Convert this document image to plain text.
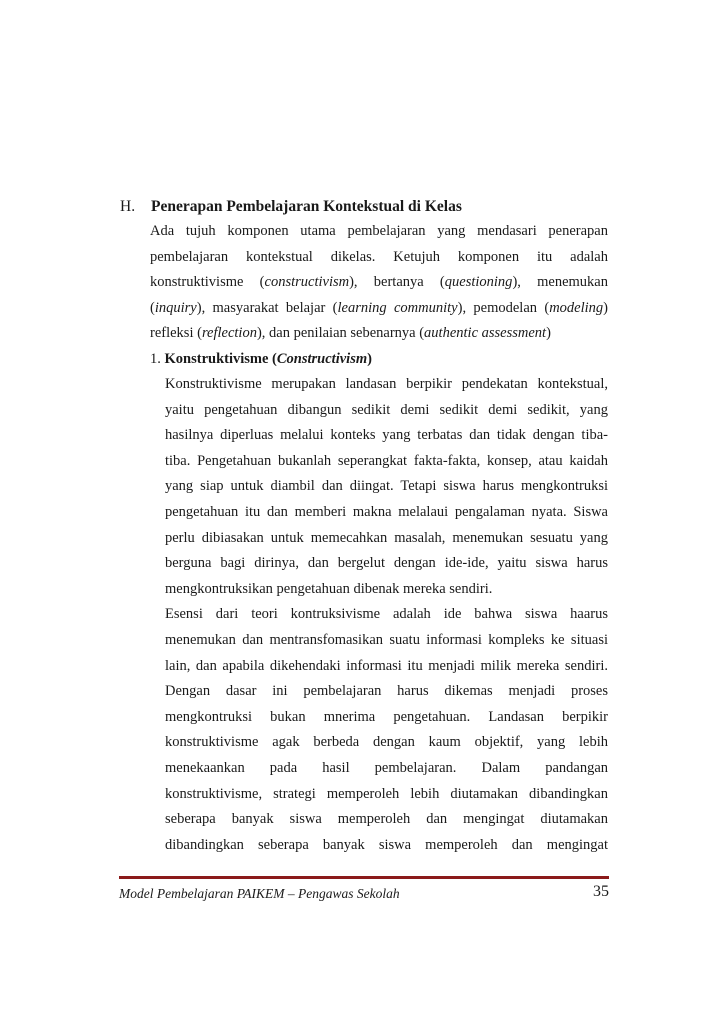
H. Penerapan Pembelajaran Kontekstual di Kelas
Ada tujuh komponen utama pembelajaran yang mendasari penerapan
pembelajaran kontekstual dikelas. Ketujuh komponen itu adalah
konstruktivisme (constructivism), bertanya (questioning), menemukan
(inquiry), masyarakat belajar (learning community), pemodelan (modeling)
refleksi (reflection), dan penilaian sebenarnya (authentic assessment)
1. Konstruktivisme (Constructivism)
Konstruktivisme merupakan landasan berpikir pendekatan kontekstual,
yaitu pengetahuan dibangun sedikit demi sedikit demi sedikit, yang
hasilnya diperluas melalui konteks yang terbatas dan tidak dengan tiba-
tiba. Pengetahuan bukanlah seperangkat fakta-fakta, konsep, atau kaidah
yang siap untuk diambil dan diingat. Tetapi siswa harus mengkontruksi
pengetahuan itu dan memberi makna melalaui pengalaman nyata. Siswa
perlu dibiasakan untuk memecahkan masalah, menemukan sesuatu yang
berguna bagi dirinya, dan bergelut dengan ide-ide, yaitu siswa harus
mengkontruksikan pengetahuan dibenak mereka sendiri.
Esensi dari teori kontruksivisme adalah ide bahwa siswa haarus
menemukan dan mentransfomasikan suatu informasi kompleks ke situasi
lain, dan apabila dikehendaki informasi itu menjadi milik mereka sendiri.
Dengan dasar ini pembelajaran harus dikemas menjadi proses
mengkontruksi bukan mnerima pengetahuan. Landasan berpikir
konstruktivisme agak berbeda dengan kaum objektif, yang lebih
menekaankan pada hasil pembelajaran. Dalam pandangan
konstruktivisme, strategi memperoleh lebih diutamakan dibandingkan
seberapa banyak siswa memperoleh dan mengingat diutamakan
dibandingkan seberapa banyak siswa memperoleh dan mengingat
Model Pembelajaran PAIKEM – Pengawas Sekolah	35
